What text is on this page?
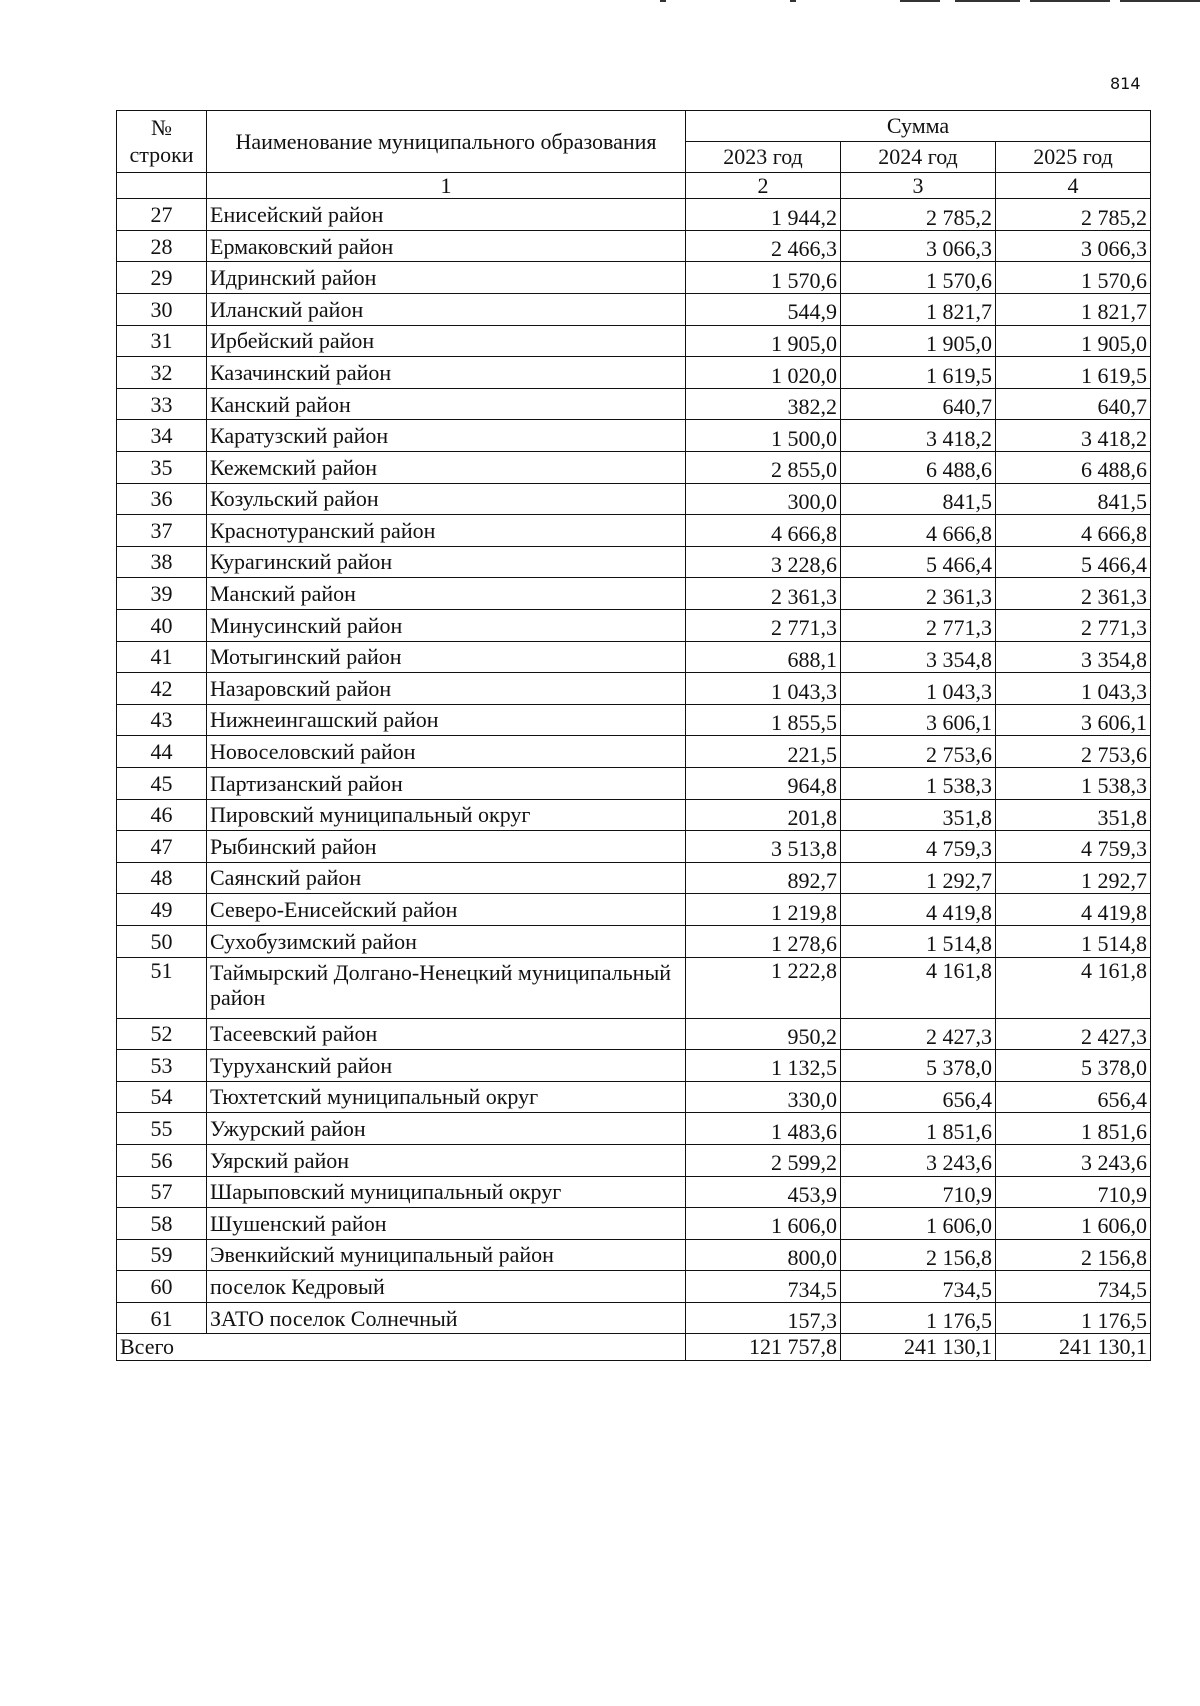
814
№ строки	Наименование муниципального образования	Сумма		
		2023 год	2024 год	2025 год
	1	2	3	4
27	Енисейский район	1 944,2	2 785,2	2 785,2
28	Ермаковский район	2 466,3	3 066,3	3 066,3
29	Идринский район	1 570,6	1 570,6	1 570,6
30	Иланский район	544,9	1 821,7	1 821,7
31	Ирбейский район	1 905,0	1 905,0	1 905,0
32	Казачинский район	1 020,0	1 619,5	1 619,5
33	Канский район	382,2	640,7	640,7
34	Каратузский район	1 500,0	3 418,2	3 418,2
35	Кежемский район	2 855,0	6 488,6	6 488,6
36	Козульский район	300,0	841,5	841,5
37	Краснотуранский район	4 666,8	4 666,8	4 666,8
38	Курагинский район	3 228,6	5 466,4	5 466,4
39	Манский район	2 361,3	2 361,3	2 361,3
40	Минусинский район	2 771,3	2 771,3	2 771,3
41	Мотыгинский район	688,1	3 354,8	3 354,8
42	Назаровский район	1 043,3	1 043,3	1 043,3
43	Нижнеингашский район	1 855,5	3 606,1	3 606,1
44	Новоселовский район	221,5	2 753,6	2 753,6
45	Партизанский район	964,8	1 538,3	1 538,3
46	Пировский муниципальный округ	201,8	351,8	351,8
47	Рыбинский район	3 513,8	4 759,3	4 759,3
48	Саянский район	892,7	1 292,7	1 292,7
49	Северо-Енисейский район	1 219,8	4 419,8	4 419,8
50	Сухобузимский район	1 278,6	1 514,8	1 514,8
51	Таймырский Долгано-Ненецкий муниципальный район	1 222,8	4 161,8	4 161,8
52	Тасеевский район	950,2	2 427,3	2 427,3
53	Туруханский район	1 132,5	5 378,0	5 378,0
54	Тюхтетский муниципальный округ	330,0	656,4	656,4
55	Ужурский район	1 483,6	1 851,6	1 851,6
56	Уярский район	2 599,2	3 243,6	3 243,6
57	Шарыповский муниципальный округ	453,9	710,9	710,9
58	Шушенский район	1 606,0	1 606,0	1 606,0
59	Эвенкийский муниципальный район	800,0	2 156,8	2 156,8
60	поселок Кедровый	734,5	734,5	734,5
61	ЗАТО поселок Солнечный	157,3	1 176,5	1 176,5
Всего		121 757,8	241 130,1	241 130,1
